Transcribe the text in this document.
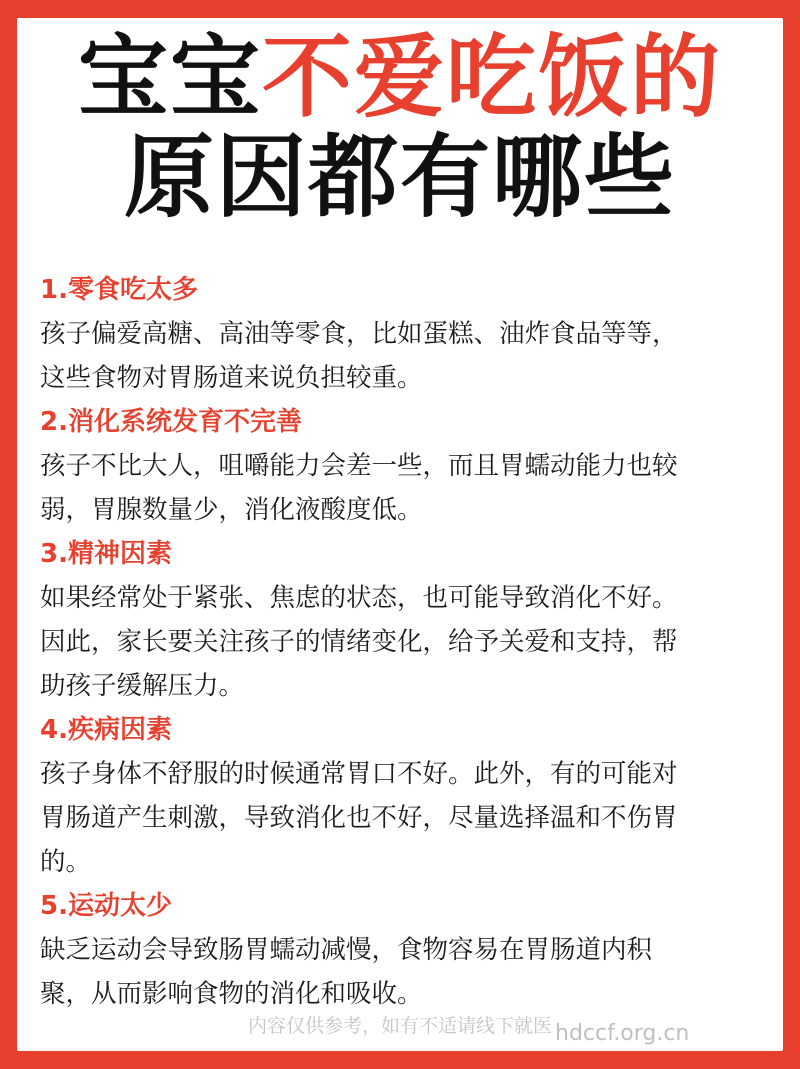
宝宝不爱吃饭的
原因都有哪些
1.零食吃太多
孩子偏爱高糖、高油等零食，比如蛋糕、油炸食品等等，
这些食物对胃肠道来说负担较重。
2.消化系统发育不完善
孩子不比大人，咀嚼能力会差一些，而且胃蠕动能力也较
弱，胃腺数量少，消化液酸度低。
3.精神因素
如果经常处于紧张、焦虑的状态，也可能导致消化不好。
因此，家长要关注孩子的情绪变化，给予关爱和支持，帮
助孩子缓解压力。
4.疾病因素
孩子身体不舒服的时候通常胃口不好。此外，有的可能对
胃肠道产生刺激，导致消化也不好，尽量选择温和不伤胃
的。
5.运动太少
缺乏运动会导致肠胃蠕动减慢，食物容易在胃肠道内积
聚，从而影响食物的消化和吸收。
内容仅供参考，如有不适请线下就医 hdccf.org.cn
